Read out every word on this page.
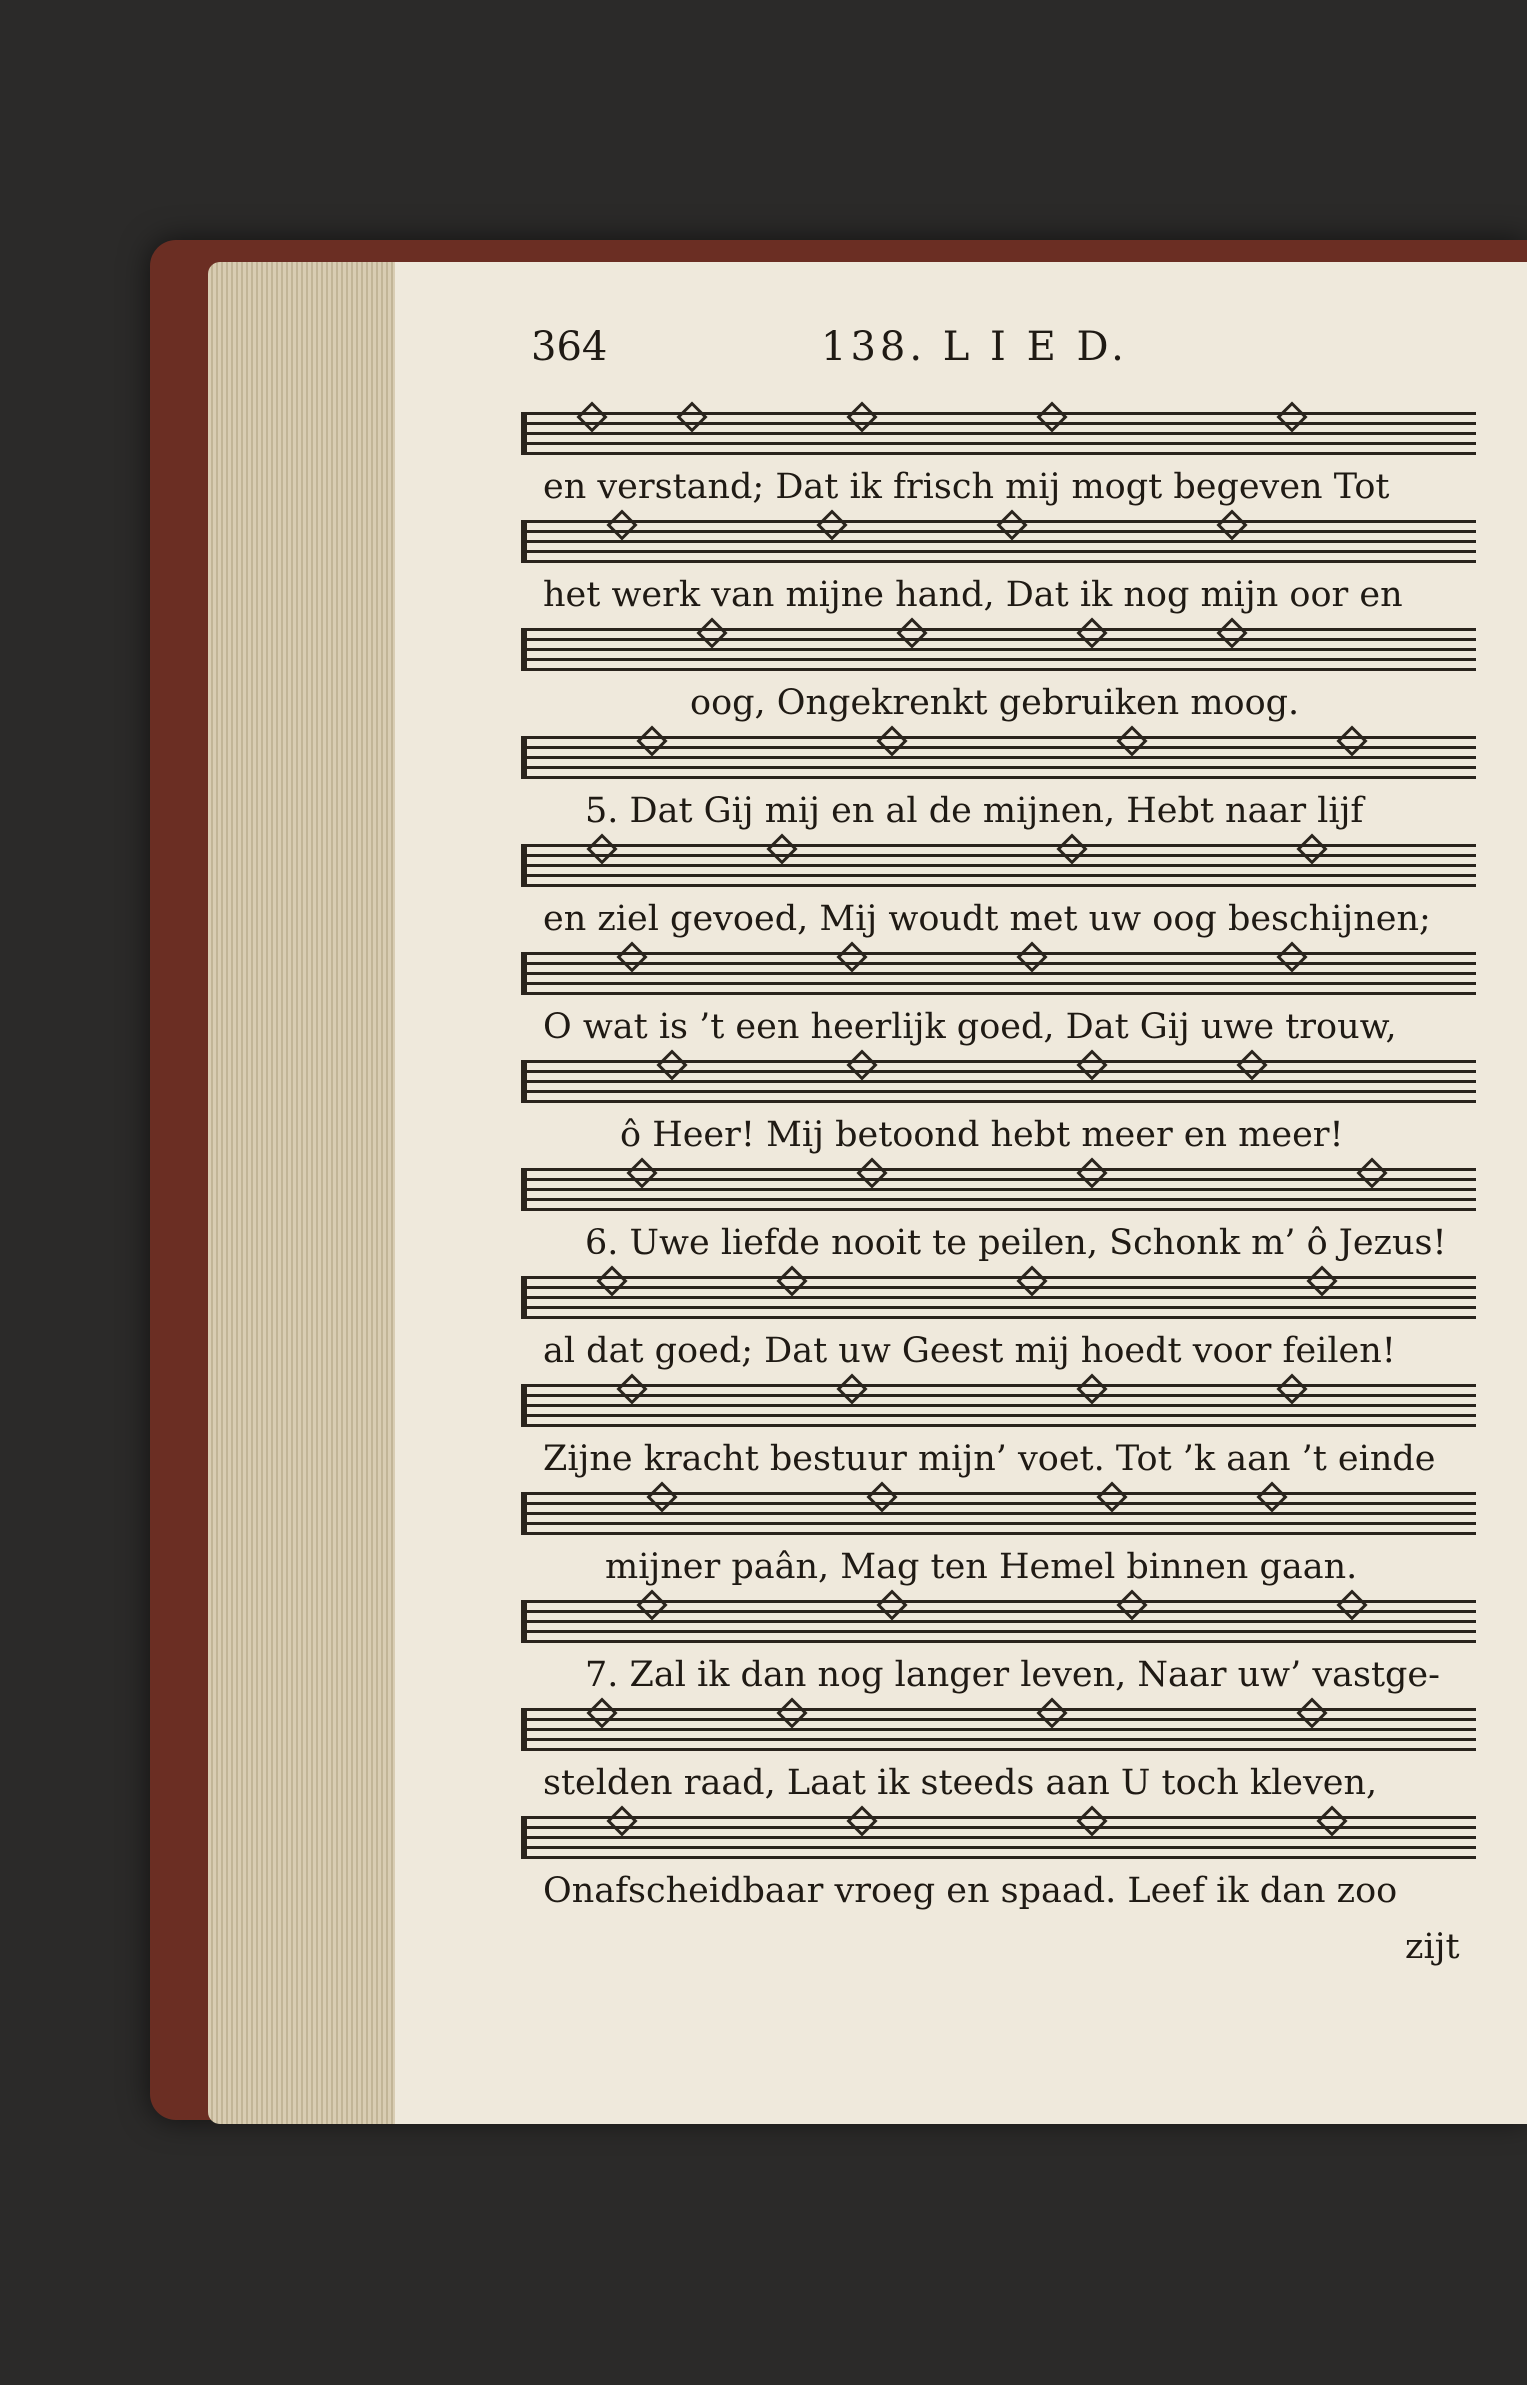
364	138. L I E D.
en verstand; Dat ik frisch mij mogt begeven Tot
het werk van mijne hand, Dat ik nog mijn oor en
oog, Ongekrenkt gebruiken moog.
5. Dat Gij mij en al de mijnen, Hebt naar lijf
en ziel gevoed, Mij woudt met uw oog beschijnen;
O wat is ’t een heerlijk goed, Dat Gij uwe trouw,
ô Heer! Mij betoond hebt meer en meer!
6. Uwe liefde nooit te peilen, Schonk m’ ô Jezus!
al dat goed; Dat uw Geest mij hoedt voor feilen!
Zijne kracht bestuur mijn’ voet. Tot ’k aan ’t einde
mijner paân, Mag ten Hemel binnen gaan.
7. Zal ik dan nog langer leven, Naar uw’ vastge-
stelden raad, Laat ik steeds aan U toch kleven,
Onafscheidbaar vroeg en spaad. Leef ik dan zoo
zijt
